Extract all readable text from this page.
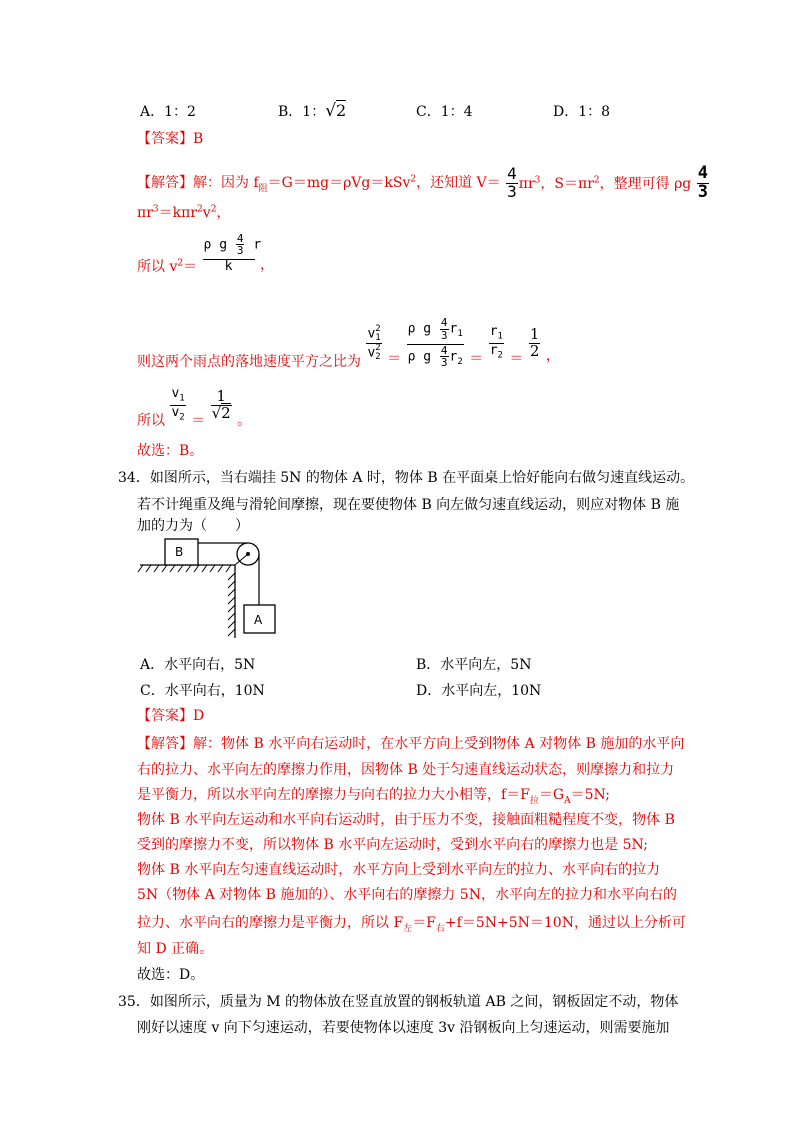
A．1：2	B．1：√2	C．1：4	D．1：8
【答案】B
【解答】解：因为 $f_阻=G=mg=\rho Vg=kSv^2$，还知道 $V= \frac{4}{3} \pi r^3$，$S=\pi r^2$，整理可得 ρg $\frac{4}{3}$
$\pi r^3=k\pi r^2v^2$，
所以 $v^2= \frac{\rho g \frac{4}{3} r}{k}$ ，
则这两个雨点的落地速度平方之比为
v 2
1
v 2
$2 = \frac{\rho g \frac{4}{3} r_1}{\rho g \frac{4}{3} r_2} = \frac{r_1}{r_2} = \frac{1}{2}$ ，
所以 $\frac{v_1}{v_2} = \frac{1}{√2}$ 。
故选：B。
34．如图所示，当右端挂 5N 的物体 A 时，物体 B 在平面桌上恰好能向右做匀速直线运动。
若不计绳重及绳与滑轮间摩擦，现在要使物体 B 向左做匀速直线运动，则应对物体 B 施
加的力为（　　）
B
A
A．水平向右，5N	B．水平向左，5N
C．水平向右，10N	D．水平向左，10N
【答案】D
【解答】解：物体 B 水平向右运动时，在水平方向上受到物体 A 对物体 B 施加的水平向
右的拉力、水平向左的摩擦力作用，因物体 B 处于匀速直线运动状态，则摩擦力和拉力
是平衡力，所以水平向左的摩擦力与向右的拉力大小相等，$f=F_拉=G_A=5N$;
物体 B 水平向左运动和水平向右运动时，由于压力不变，接触面粗糙程度不变，物体 B
受到的摩擦力不变，所以物体 B 水平向左运动时，受到水平向右的摩擦力也是 5N;
物体 B 水平向左匀速直线运动时，水平方向上受到水平向左的拉力、水平向右的拉力
5N（物体 A 对物体 B 施加的）、水平向右的摩擦力 5N，水平向左的拉力和水平向右的
拉力、水平向右的摩擦力是平衡力，所以 $F_左=F_右+f=5N+5N=10N$，通过以上分析可
知 D 正确。
故选：D。
35．如图所示，质量为 M 的物体放在竖直放置的钢板轨道 AB 之间，钢板固定不动，物体
刚好以速度 v 向下匀速运动，若要使物体以速度 3v 沿钢板向上匀速运动，则需要施加
